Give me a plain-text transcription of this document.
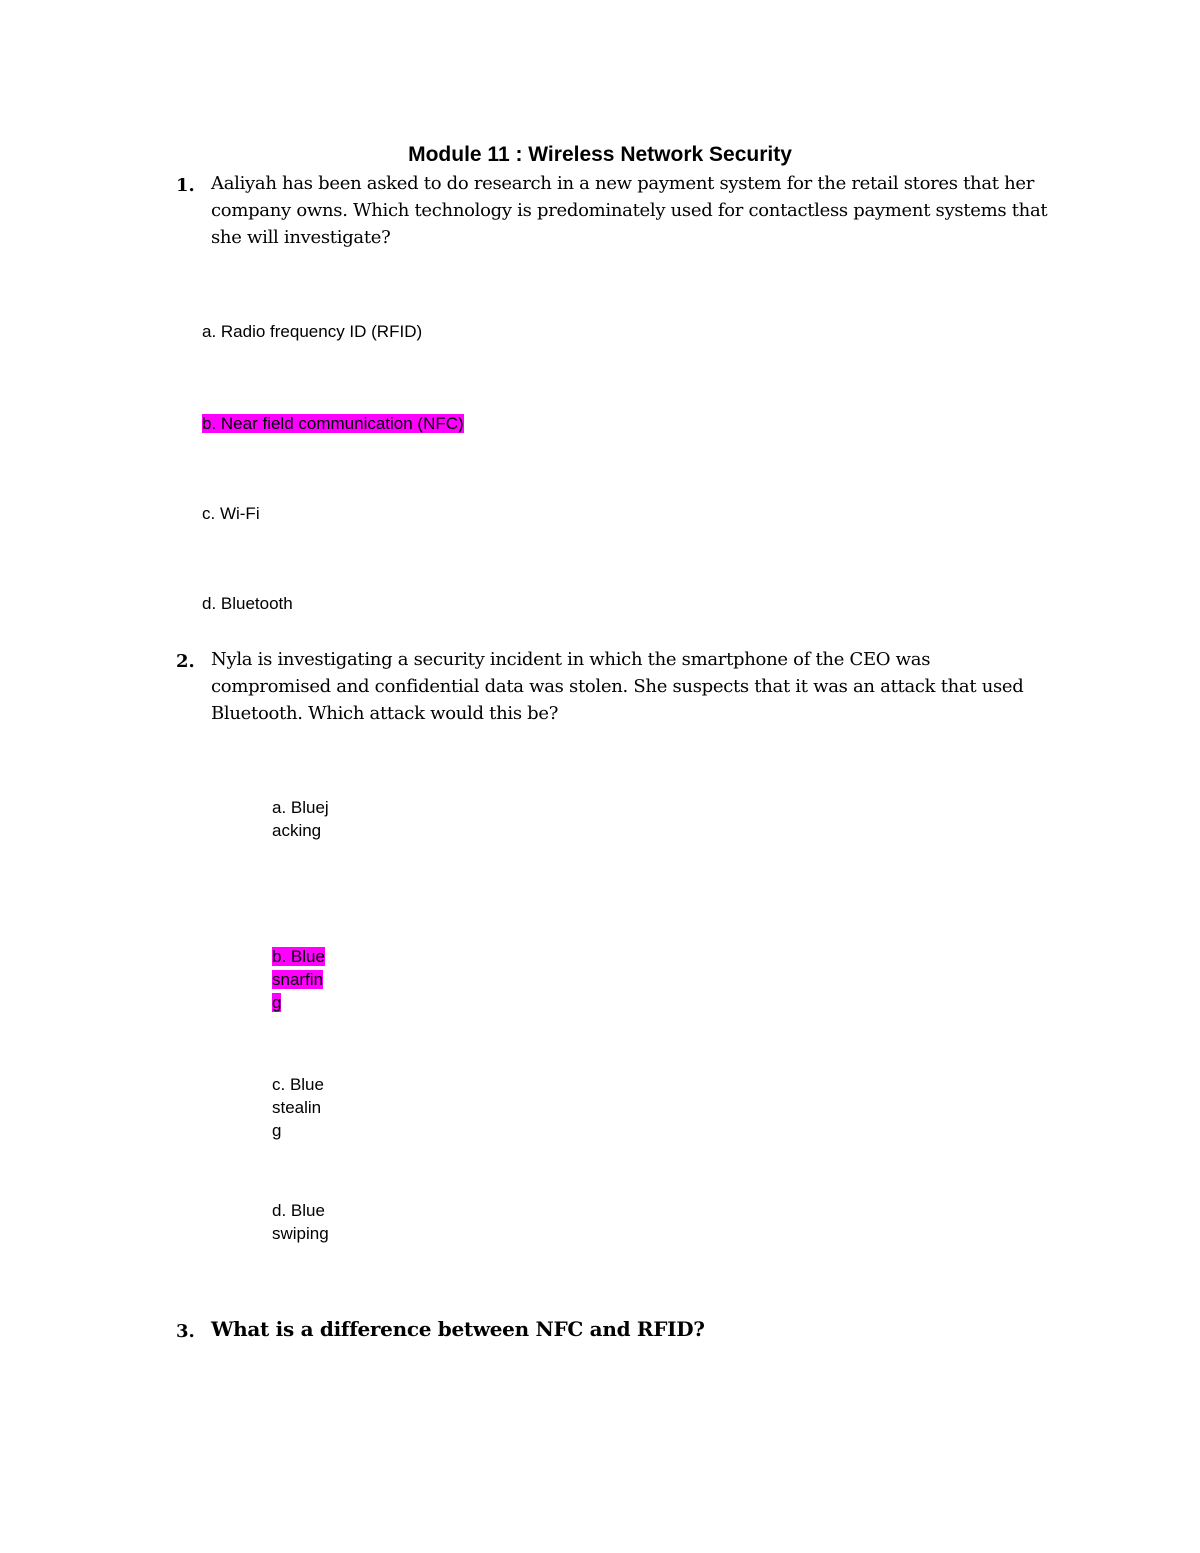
Module 11 : Wireless Network Security
1. Aaliyah has been asked to do research in a new payment system for the retail stores that her company owns. Which technology is predominately used for contactless payment systems that she will investigate?

a. Radio frequency ID (RFID)

b. Near field communication (NFC)

c. Wi-Fi

d. Bluetooth

2. Nyla is investigating a security incident in which the smartphone of the CEO was compromised and confidential data was stolen. She suspects that it was an attack that used Bluetooth. Which attack would this be?

a. Bluejacking

b. Bluesnarfing

c. Bluestealing

d. Blueswiping

3. What is a difference between NFC and RFID?
